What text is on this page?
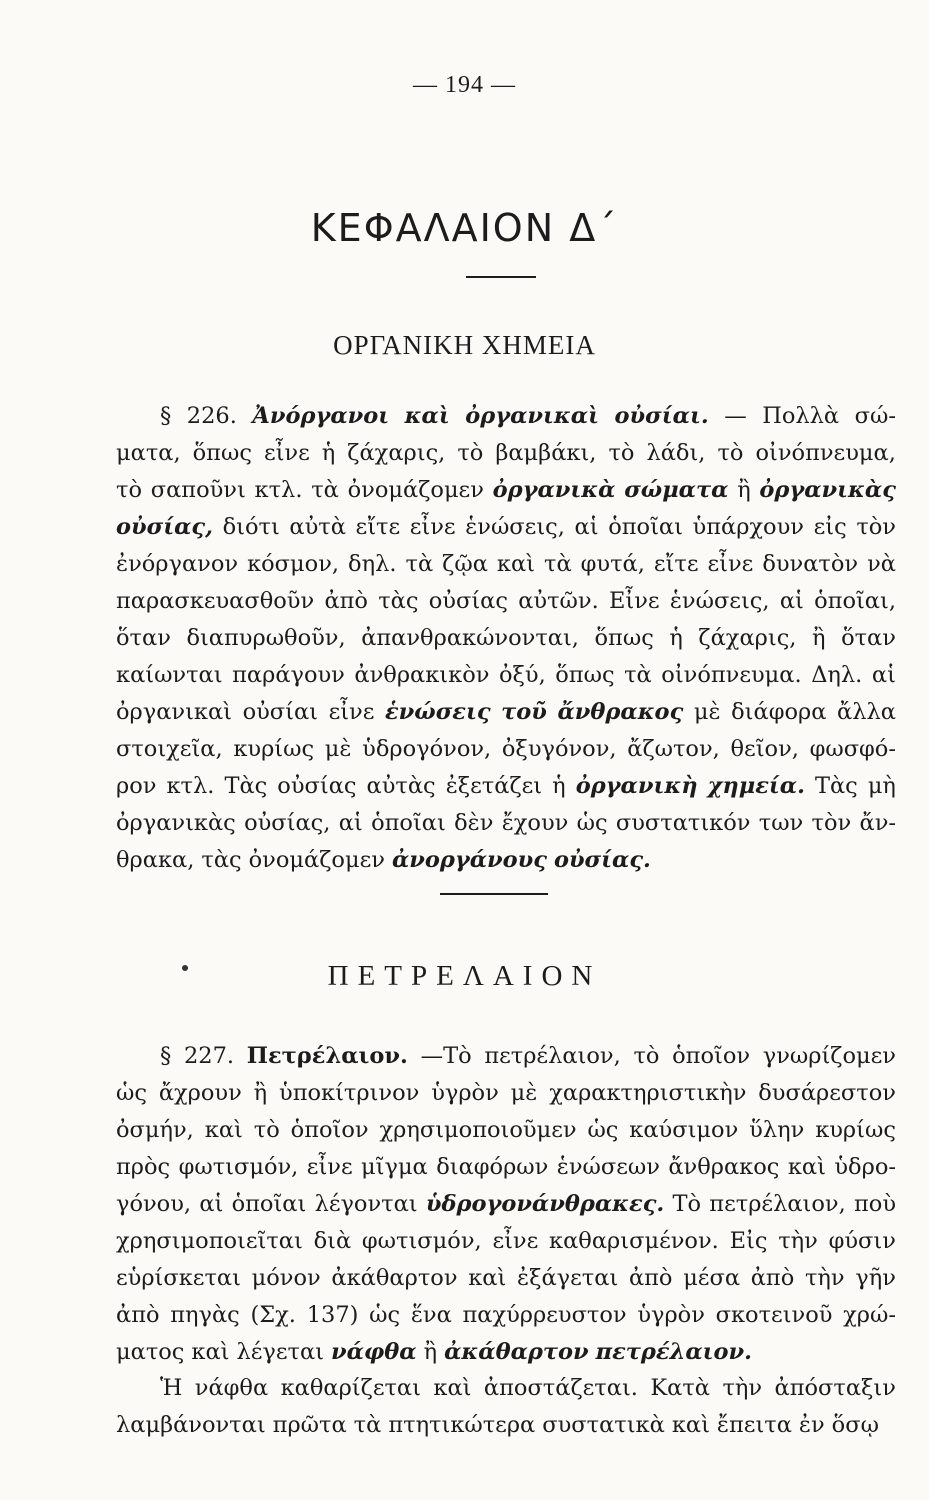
— 194 —
ΚΕΦΑΛΑΙΟΝ Δ΄
ΟΡΓΑΝΙΚΗ ΧΗΜΕΙΑ
§ 226. Ἀνόργανοι καὶ ὀργανικαὶ οὐσίαι. — Πολλὰ σώ-
ματα, ὅπως εἶνε ἡ ζάχαρις, τὸ βαμβάκι, τὸ λάδι, τὸ οἰνόπνευμα,
τὸ σαποῦνι κτλ. τὰ ὀνομάζομεν ὀργανικὰ σώματα ἢ ὀργανικὰς
οὐσίας, διότι αὐτὰ εἴτε εἶνε ἑνώσεις, αἱ ὁποῖαι ὑπάρχουν εἰς τὸν
ἐνόργανον κόσμον, δηλ. τὰ ζῷα καὶ τὰ φυτά, εἴτε εἶνε δυνατὸν νὰ
παρασκευασθοῦν ἀπὸ τὰς οὐσίας αὐτῶν. Εἶνε ἑνώσεις, αἱ ὁποῖαι,
ὅταν διαπυρωθοῦν, ἀπανθρακώνονται, ὅπως ἡ ζάχαρις, ἢ ὅταν
καίωνται παράγουν ἀνθρακικὸν ὀξύ, ὅπως τὰ οἰνόπνευμα. Δηλ. αἱ
ὀργανικαὶ οὐσίαι εἶνε ἑνώσεις τοῦ ἄνθρακος μὲ διάφορα ἄλλα
στοιχεῖα, κυρίως μὲ ὑδρογόνον, ὀξυγόνον, ἄζωτον, θεῖον, φωσφό-
ρον κτλ. Τὰς οὐσίας αὐτὰς ἐξετάζει ἡ ὀργανικὴ χημεία. Τὰς μὴ
ὀργανικὰς οὐσίας, αἱ ὁποῖαι δὲν ἔχουν ὡς συστατικόν των τὸν ἄν-
θρακα, τὰς ὀνομάζομεν ἀνοργάνους οὐσίας.
ΠΕΤΡΕΛΑΙΟΝ
§ 227. Πετρέλαιον. —Τὸ πετρέλαιον, τὸ ὁποῖον γνωρίζομεν
ὡς ἄχρουν ἢ ὑποκίτρινον ὑγρὸν μὲ χαρακτηριστικὴν δυσάρεστον
ὀσμήν, καὶ τὸ ὁποῖον χρησιμοποιοῦμεν ὡς καύσιμον ὕλην κυρίως
πρὸς φωτισμόν, εἶνε μῖγμα διαφόρων ἑνώσεων ἄνθρακος καὶ ὑδρο-
γόνου, αἱ ὁποῖαι λέγονται ὑδρογονάνθρακες. Τὸ πετρέλαιον, ποὺ
χρησιμοποιεῖται διὰ φωτισμόν, εἶνε καθαρισμένον. Εἰς τὴν φύσιν
εὑρίσκεται μόνον ἀκάθαρτον καὶ ἐξάγεται ἀπὸ μέσα ἀπὸ τὴν γῆν
ἀπὸ πηγὰς (Σχ. 137) ὡς ἕνα παχύρρευστον ὑγρὸν σκοτεινοῦ χρώ-
ματος καὶ λέγεται νάφθα ἢ ἀκάθαρτον πετρέλαιον.
Ἡ νάφθα καθαρίζεται καὶ ἀποστάζεται. Κατὰ τὴν ἀπόσταξιν
λαμβάνονται πρῶτα τὰ πτητικώτερα συστατικὰ καὶ ἔπειτα ἐν ὅσῳ
